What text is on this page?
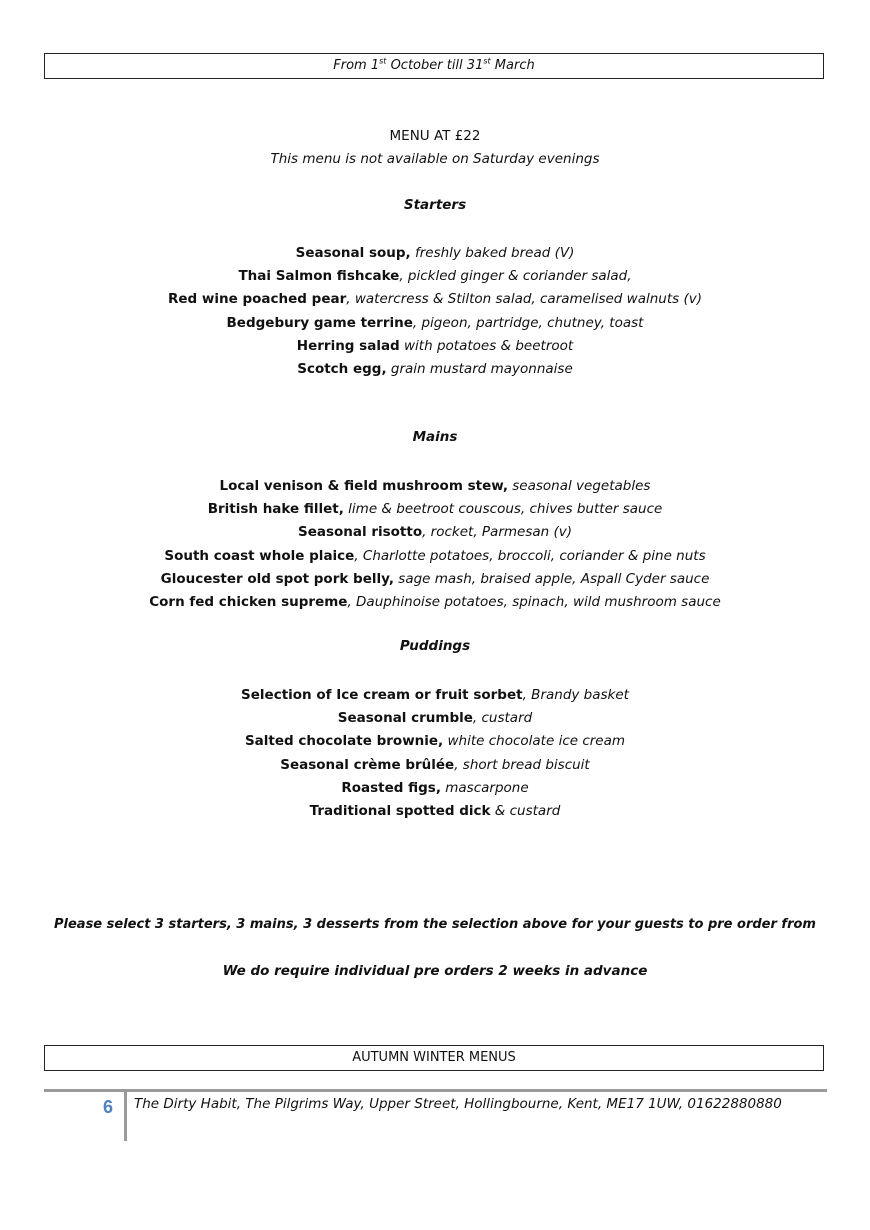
From 1st October till 31st March
MENU AT £22
This menu is not available on Saturday evenings
Starters
Seasonal soup, freshly baked bread (V)
Thai Salmon fishcake, pickled ginger & coriander salad,
Red wine poached pear, watercress & Stilton salad, caramelised walnuts (v)
Bedgebury game terrine, pigeon, partridge, chutney, toast
Herring salad with potatoes & beetroot
Scotch egg, grain mustard mayonnaise
Mains
Local venison & field mushroom stew, seasonal vegetables
British hake fillet, lime & beetroot couscous, chives butter sauce
Seasonal risotto, rocket, Parmesan (v)
South coast whole plaice, Charlotte potatoes, broccoli, coriander & pine nuts
Gloucester old spot pork belly, sage mash, braised apple, Aspall Cyder sauce
Corn fed chicken supreme, Dauphinoise potatoes, spinach, wild mushroom sauce
Puddings
Selection of Ice cream or fruit sorbet, Brandy basket
Seasonal crumble, custard
Salted chocolate brownie, white chocolate ice cream
Seasonal crème brûlée, short bread biscuit
Roasted figs, mascarpone
Traditional spotted dick & custard
Please select 3 starters, 3 mains, 3 desserts from the selection above for your guests to pre order from
We do require individual pre orders 2 weeks in advance
AUTUMN WINTER MENUS
6 The Dirty Habit, The Pilgrims Way, Upper Street, Hollingbourne, Kent, ME17 1UW, 01622880880
